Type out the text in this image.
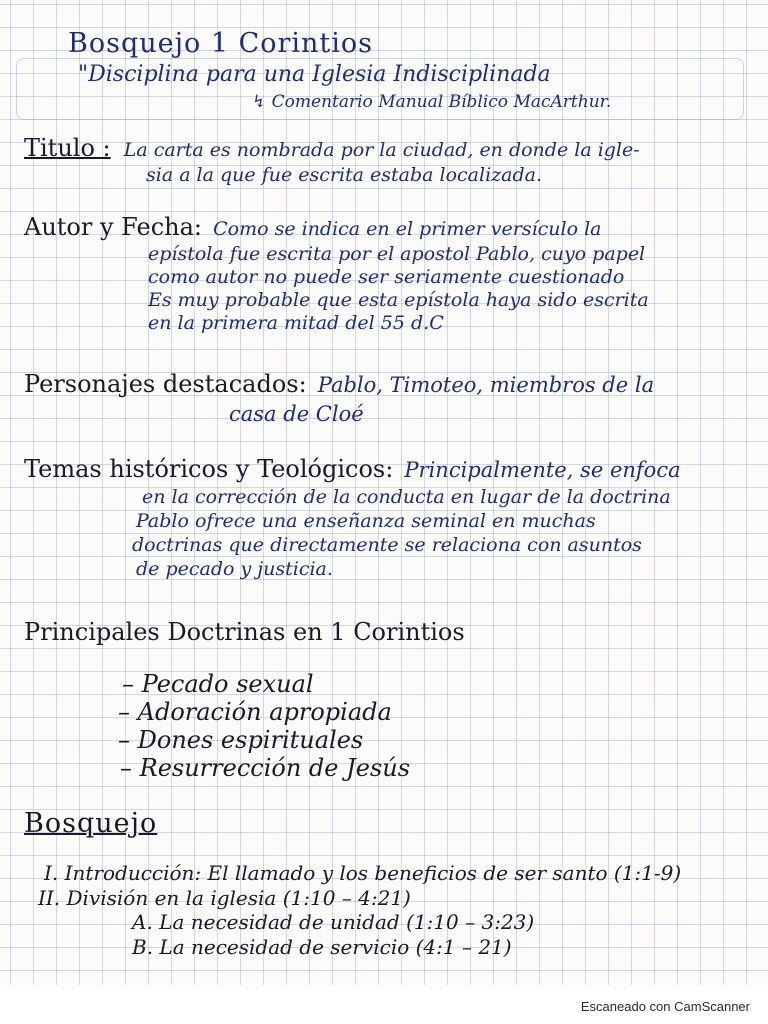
Bosquejo 1 Corintios

"Disciplina para una Iglesia Indisciplinada

↯ Comentario Manual Bíblico MacArthur.

Titulo : La carta es nombrada por la ciudad, en donde la igle-
sia a la que fue escrita estaba localizada.
Autor y Fecha: Como se indica en el primer versículo la
epístola fue escrita por el apostol Pablo, cuyo papel
como autor no puede ser seriamente cuestionado
Es muy probable que esta epístola haya sido escrita
en la primera mitad del 55 d.C
Personajes destacados: Pablo, Timoteo, miembros de la
casa de Cloé
Temas históricos y Teológicos: Principalmente, se enfoca
en la corrección de la conducta en lugar de la doctrina
Pablo ofrece una enseñanza seminal en muchas
doctrinas que directamente se relaciona con asuntos
de pecado y justicia.
Principales Doctrinas en 1 Corintios
– Pecado sexual
– Adoración apropiada
– Dones espirituales
– Resurrección de Jesús
Bosquejo
I. Introducción: El llamado y los beneficios de ser santo (1:1-9)
II. División en la iglesia (1:10 – 4:21)
A. La necesidad de unidad (1:10 – 3:23)
B. La necesidad de servicio (4:1 – 21)
Escaneado con CamScanner
